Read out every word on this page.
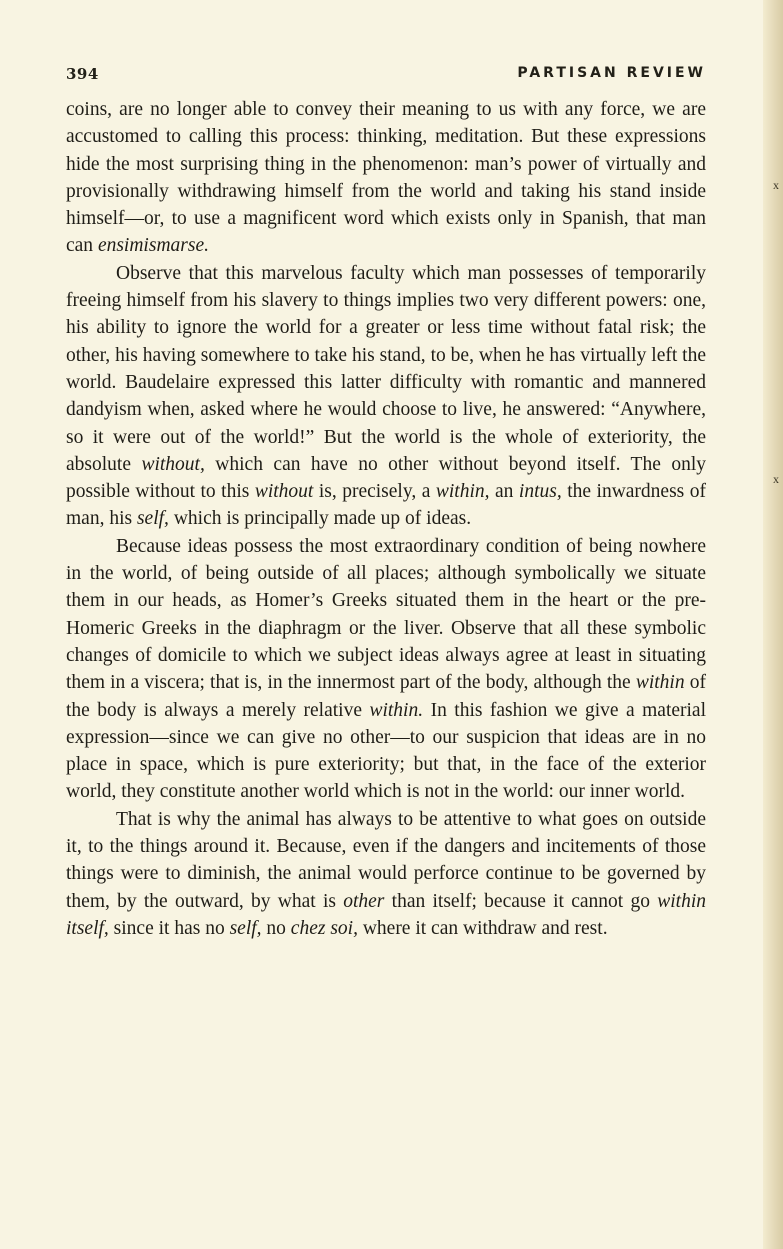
394	PARTISAN REVIEW
x
x

coins, are no longer able to convey their meaning to us with any force, we are accustomed to calling this process: thinking, meditation. But these expressions hide the most surprising thing in the phenomenon: man’s power of virtually and provisionally withdrawing himself from the world and taking his stand inside himself—or, to use a magnificent word which exists only in Spanish, that man can ensimismarse.

Observe that this marvelous faculty which man possesses of temporarily freeing himself from his slavery to things implies two very different powers: one, his ability to ignore the world for a greater or less time without fatal risk; the other, his having somewhere to take his stand, to be, when he has virtually left the world. Baudelaire expressed this latter difficulty with romantic and mannered dandyism when, asked where he would choose to live, he answered: “Anywhere, so it were out of the world!” But the world is the whole of exteriority, the absolute without, which can have no other without beyond itself. The only possible without to this without is, precisely, a within, an intus, the inwardness of man, his self, which is principally made up of ideas.

Because ideas possess the most extraordinary condition of being nowhere in the world, of being outside of all places; although symbolically we situate them in our heads, as Homer’s Greeks situated them in the heart or the pre-Homeric Greeks in the diaphragm or the liver. Observe that all these symbolic changes of domicile to which we subject ideas always agree at least in situating them in a viscera; that is, in the innermost part of the body, although the within of the body is always a merely relative within. In this fashion we give a material expression—since we can give no other—to our suspicion that ideas are in no place in space, which is pure exteriority; but that, in the face of the exterior world, they constitute another world which is not in the world: our inner world.

That is why the animal has always to be attentive to what goes on outside it, to the things around it. Because, even if the dangers and incitements of those things were to diminish, the animal would perforce continue to be governed by them, by the outward, by what is other than itself; because it cannot go within itself, since it has no self, no chez soi, where it can withdraw and rest.
